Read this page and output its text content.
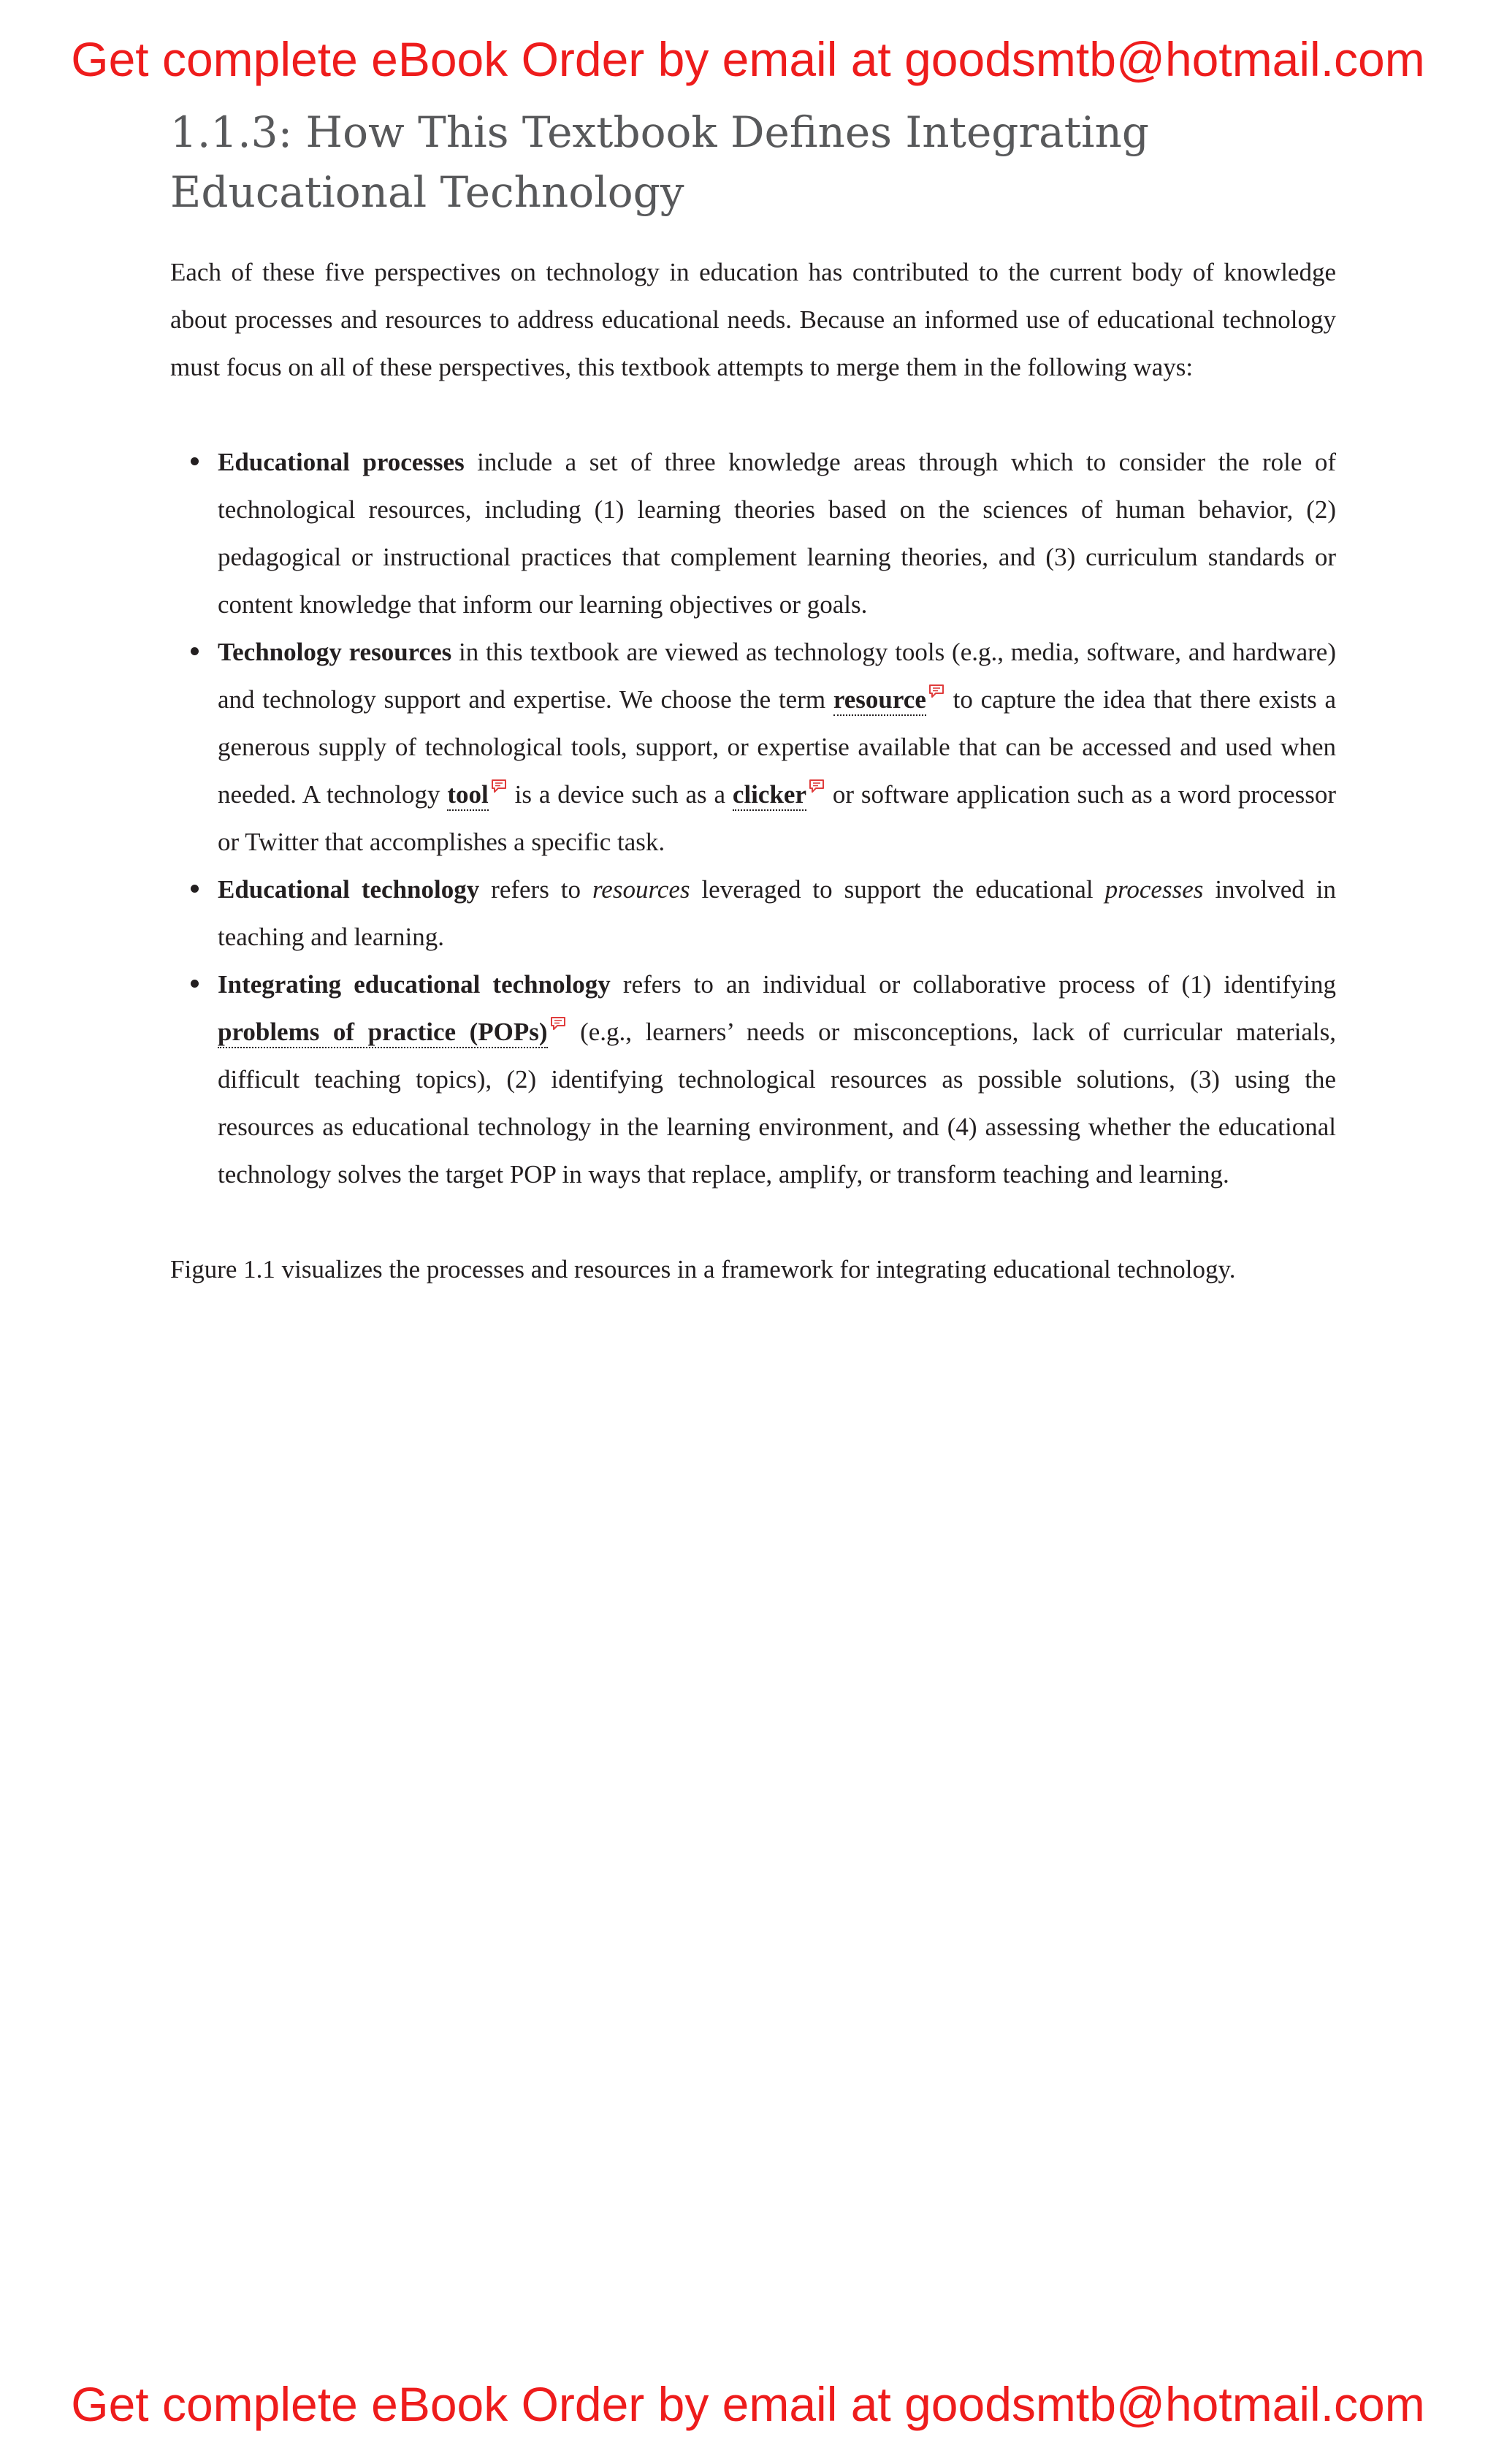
Get complete eBook Order by email at goodsmtb@hotmail.com
1.1.3: How This Textbook Defines Integrating Educational Technology

Each of these five perspectives on technology in education has contributed to the current body of knowledge about processes and resources to address educational needs. Because an informed use of educational technology must focus on all of these perspectives, this textbook attempts to merge them in the following ways:

Educational processes include a set of three knowledge areas through which to consider the role of technological resources, including (1) learning theories based on the sciences of human behavior, (2) pedagogical or instructional practices that complement learning theories, and (3) curriculum standards or content knowledge that inform our learning objectives or goals.
Technology resources in this textbook are viewed as technology tools (e.g., media, software, and hardware) and technology support and expertise. We choose the term resource to capture the idea that there exists a generous supply of technological tools, support, or expertise available that can be accessed and used when needed. A technology tool is a device such as a clicker or software application such as a word processor or Twitter that accomplishes a specific task.
Educational technology refers to resources leveraged to support the educational processes involved in teaching and learning.
Integrating educational technology refers to an individual or collaborative process of (1) identifying problems of practice (POPs) (e.g., learners’ needs or misconceptions, lack of curricular materials, difficult teaching topics), (2) identifying technological resources as possible solutions, (3) using the resources as educational technology in the learning environment, and (4) assessing whether the educational technology solves the target POP in ways that replace, amplify, or transform teaching and learning.

Figure 1.1 visualizes the processes and resources in a framework for integrating educational technology.

Get complete eBook Order by email at goodsmtb@hotmail.com
